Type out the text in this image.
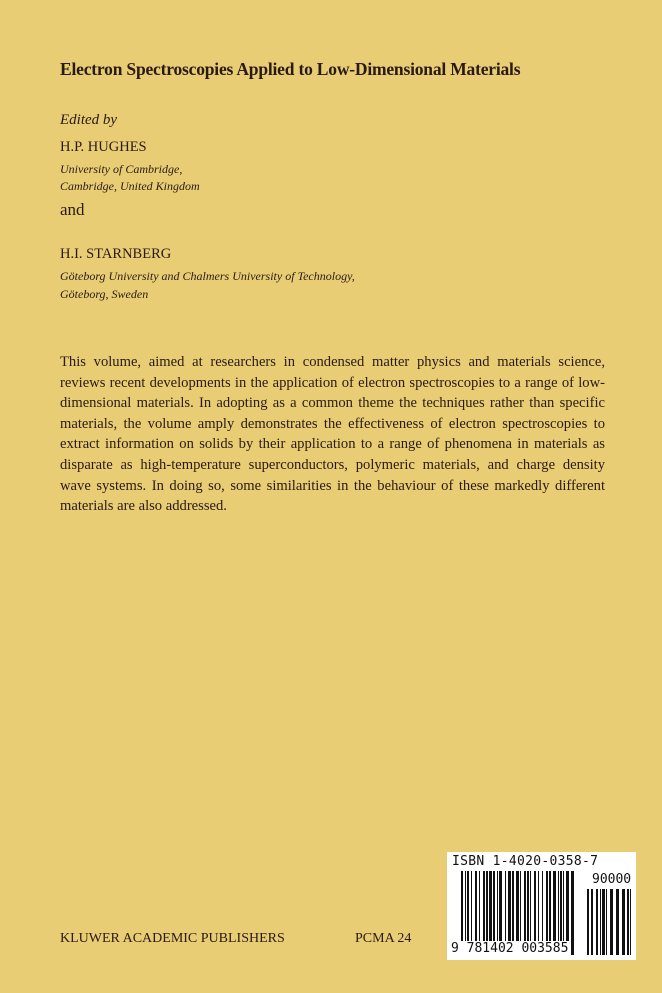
Electron Spectroscopies Applied to Low-Dimensional Materials
Edited by
H.P. HUGHES
University of Cambridge,
Cambridge, United Kingdom
and
H.I. STARNBERG
Göteborg University and Chalmers University of Technology,
Göteborg, Sweden
This volume, aimed at researchers in condensed matter physics and materials science,
reviews recent developments in the application of electron spectroscopies to a range of low-
dimensional materials. In adopting as a common theme the techniques rather than specific
materials, the volume amply demonstrates the effectiveness of electron spectroscopies to
extract information on solids by their application to a range of phenomena in materials as
disparate as high-temperature superconductors, polymeric materials, and charge density
wave systems. In doing so, some similarities in the behaviour of these markedly different
materials are also addressed.
KLUWER ACADEMIC PUBLISHERS	PCMA 24
ISBN 1-4020-0358-7
90000
9 781402 003585
